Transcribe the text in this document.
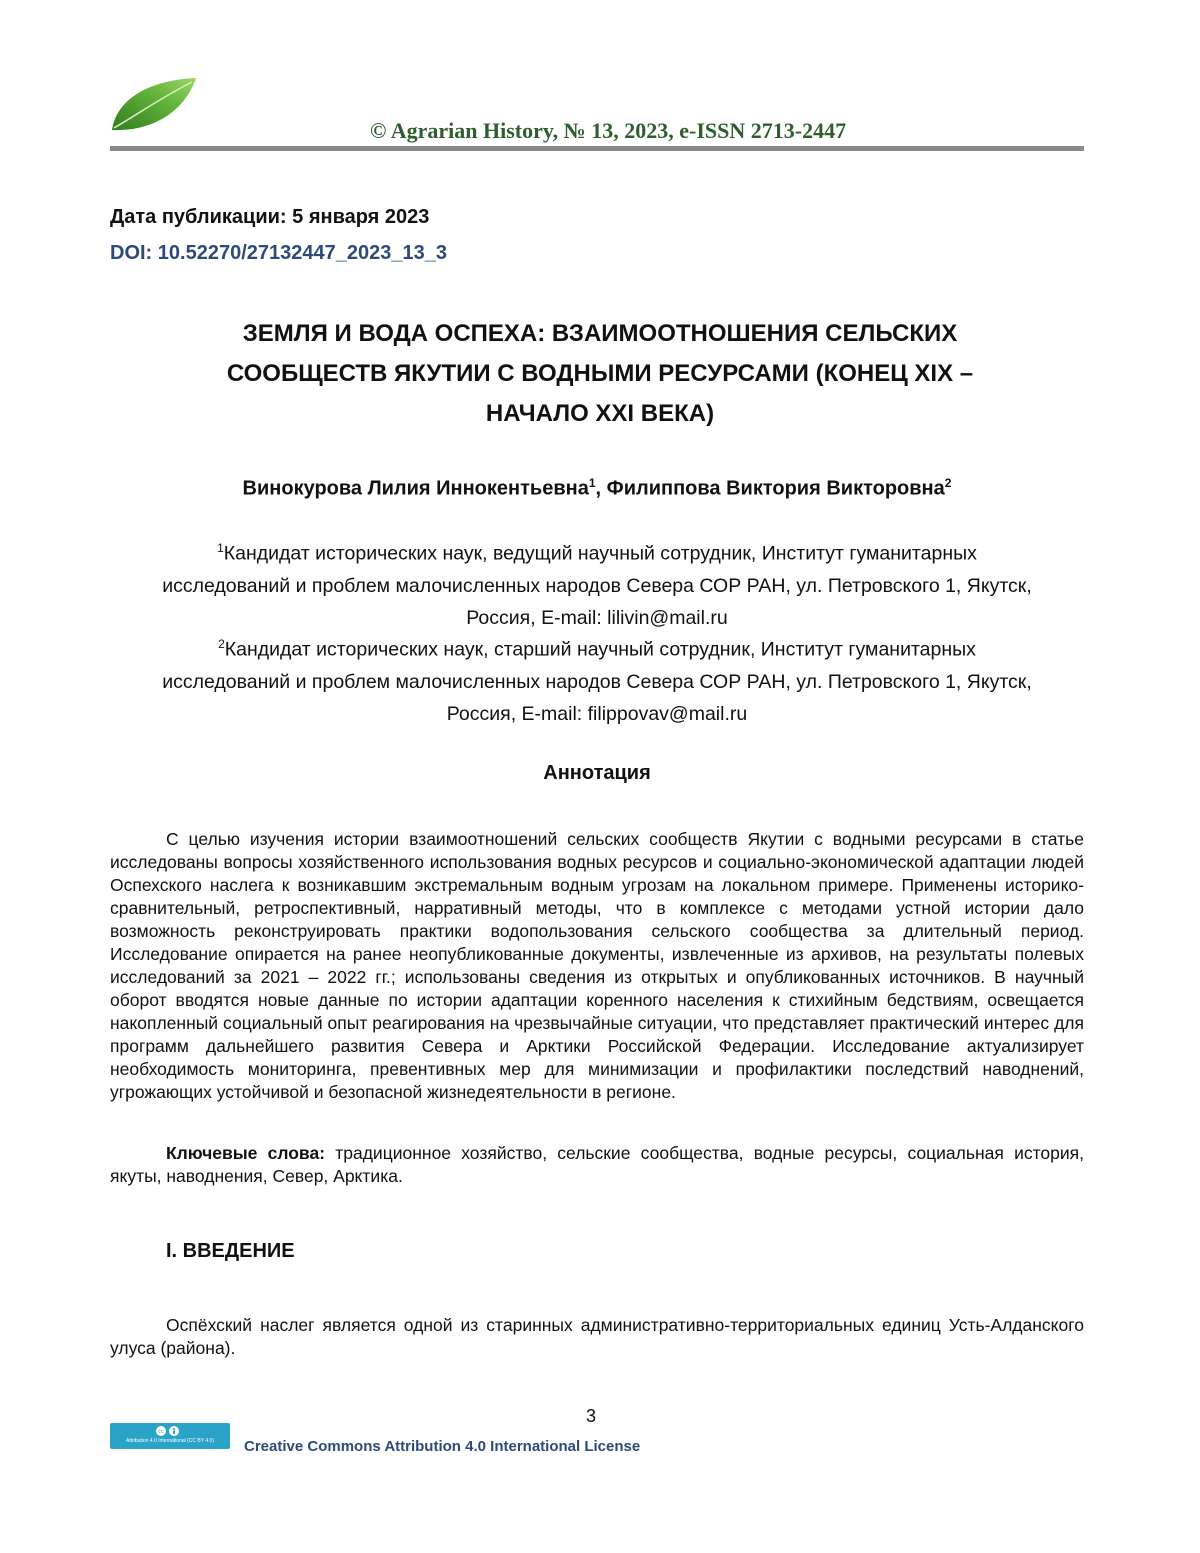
© Agrarian History, № 13, 2023, e-ISSN 2713-2447
Дата публикации: 5 января 2023
DOI: 10.52270/27132447_2023_13_3
ЗЕМЛЯ И ВОДА ОСПЕХА: ВЗАИМООТНОШЕНИЯ СЕЛЬСКИХ
СООБЩЕСТВ ЯКУТИИ С ВОДНЫМИ РЕСУРСАМИ (КОНЕЦ XIX –
НАЧАЛО XXI ВЕКА)
Винокурова Лилия Иннокентьевна$^1$, Филиппова Виктория Викторовна$^2$
$^1$Кандидат исторических наук, ведущий научный сотрудник, Институт гуманитарных
исследований и проблем малочисленных народов Севера СОР РАН, ул. Петровского 1, Якутск,
Россия, E-mail: lilivin@mail.ru
$^2$Кандидат исторических наук, старший научный сотрудник, Институт гуманитарных
исследований и проблем малочисленных народов Севера СОР РАН, ул. Петровского 1, Якутск,
Россия, E-mail: filippovav@mail.ru
Аннотация

С целью изучения истории взаимоотношений сельских сообществ Якутии с водными ресурсами в статье исследованы вопросы хозяйственного использования водных ресурсов и социально-экономической адаптации людей Оспехского наслега к возникавшим экстремальным водным угрозам на локальном примере. Применены историко-сравнительный, ретроспективный, нарративный методы, что в комплексе с методами устной истории дало возможность реконструировать практики водопользования сельского сообщества за длительный период. Исследование опирается на ранее неопубликованные документы, извлеченные из архивов, на результаты полевых исследований за 2021 – 2022 гг.; использованы сведения из открытых и опубликованных источников. В научный оборот вводятся новые данные по истории адаптации коренного населения к стихийным бедствиям, освещается накопленный социальный опыт реагирования на чрезвычайные ситуации, что представляет практический интерес для программ дальнейшего развития Севера и Арктики Российской Федерации. Исследование актуализирует необходимость мониторинга, превентивных мер для минимизации и профилактики последствий наводнений, угрожающих устойчивой и безопасной жизнедеятельности в регионе.

Ключевые слова: традиционное хозяйство, сельские сообщества, водные ресурсы, социальная история, якуты, наводнения, Север, Арктика.

I. ВВЕДЕНИЕ

Оспёхский наслег является одной из старинных административно-территориальных единиц Усть-Алданского улуса (района).

3
cc
Attribution 4.0 International (CC BY 4.0)	Creative Commons Attribution 4.0 International License
